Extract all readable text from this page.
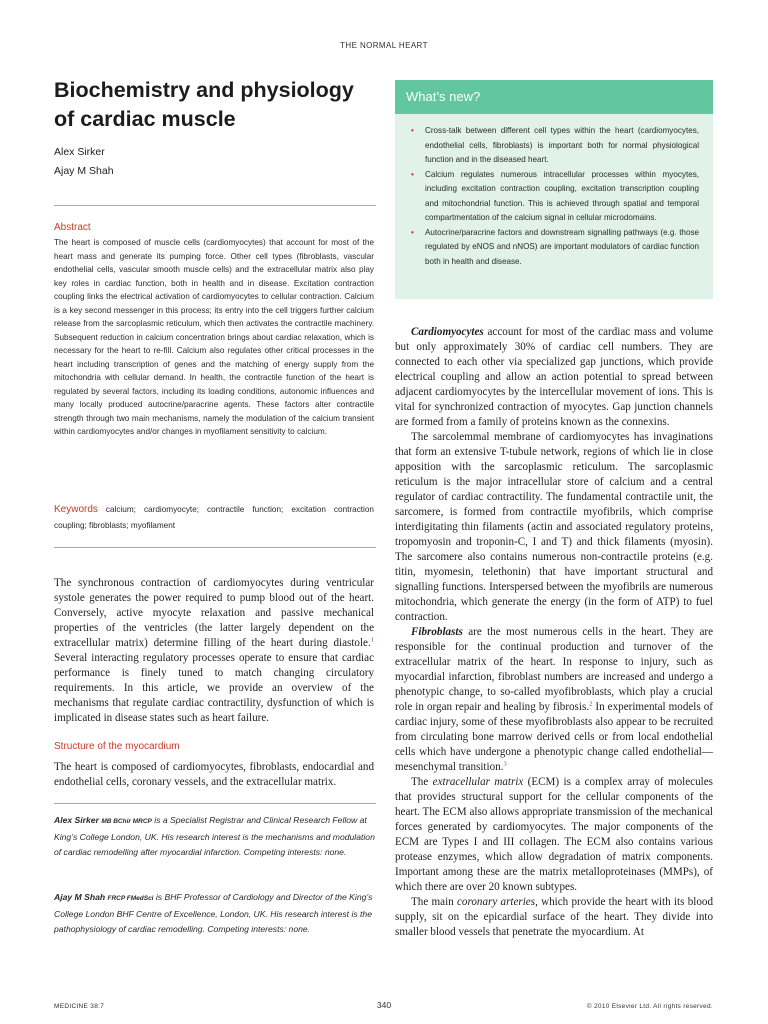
THE NORMAL HEART
Biochemistry and physiology
of cardiac muscle
Alex Sirker
Ajay M Shah
Abstract
The heart is composed of muscle cells (cardiomyocytes) that account for most of the heart mass and generate its pumping force. Other cell types (fibroblasts, vascular endothelial cells, vascular smooth muscle cells) and the extracellular matrix also play key roles in cardiac function, both in health and in disease. Excitation contraction coupling links the electrical activation of cardiomyocytes to cellular contraction. Calcium is a key second messenger in this process; its entry into the cell triggers further calcium release from the sarcoplasmic reticulum, which then activates the contractile machinery. Subsequent reduction in calcium concentration brings about cardiac relaxation, which is necessary for the heart to re-fill. Calcium also regulates other critical processes in the heart including transcription of genes and the matching of energy supply from the mitochondria with cellular demand. In health, the contractile function of the heart is regulated by several factors, including its loading conditions, autonomic influences and many locally produced autocrine/paracrine agents. These factors alter contractile strength through two main mechanisms, namely the modulation of the calcium transient within cardiomyocytes and/or changes in myofilament sensitivity to calcium.
Keywords calcium; cardiomyocyte; contractile function; excitation contraction coupling; fibroblasts; myofilament

The synchronous contraction of cardiomyocytes during ventricular systole generates the power required to pump blood out of the heart. Conversely, active myocyte relaxation and passive mechanical properties of the ventricles (the latter largely dependent on the extracellular matrix) determine filling of the heart during diastole.$^1$ Several interacting regulatory processes operate to ensure that cardiac performance is finely tuned to match changing circulatory requirements. In this article, we provide an overview of the mechanisms that regulate cardiac contractility, dysfunction of which is implicated in disease states such as heart failure.

Structure of the myocardium
The heart is composed of cardiomyocytes, fibroblasts, endocardial and endothelial cells, coronary vessels, and the extracellular matrix.
Alex Sirker MB BChir MRCP is a Specialist Registrar and Clinical Research Fellow at King’s College London, UK. His research interest is the mechanisms and modulation of cardiac remodelling after myocardial infarction. Competing interests: none.
Ajay M Shah FRCP FMedSci is BHF Professor of Cardiology and Director of the King’s College London BHF Centre of Excellence, London, UK. His research interest is the pathophysiology of cardiac remodelling. Competing interests: none.
What’s new?
• Cross-talk between different cell types within the heart (cardiomyocytes, endothelial cells, fibroblasts) is important both for normal physiological function and in the diseased heart.
• Calcium regulates numerous intracellular processes within myocytes, including excitation contraction coupling, excitation transcription coupling and mitochondrial function. This is achieved through spatial and temporal compartmentation of the calcium signal in cellular microdomains.
• Autocrine/paracrine factors and downstream signalling pathways (e.g. those regulated by eNOS and nNOS) are important modulators of cardiac function both in health and disease.

Cardiomyocytes account for most of the cardiac mass and volume but only approximately 30% of cardiac cell numbers. They are connected to each other via specialized gap junctions, which provide electrical coupling and allow an action potential to spread between adjacent cardiomyocytes by the intercellular movement of ions. This is vital for synchronized contraction of myocytes. Gap junction channels are formed from a family of proteins known as the connexins.

The sarcolemmal membrane of cardiomyocytes has invaginations that form an extensive T-tubule network, regions of which lie in close apposition with the sarcoplasmic reticulum. The sarcoplasmic reticulum is the major intracellular store of calcium and a central regulator of cardiac contractility. The fundamental contractile unit, the sarcomere, is formed from contractile myofibrils, which comprise interdigitating thin filaments (actin and associated regulatory proteins, tropomyosin and troponin-C, I and T) and thick filaments (myosin). The sarcomere also contains numerous non-contractile proteins (e.g. titin, myomesin, telethonin) that have important structural and signalling functions. Interspersed between the myofibrils are numerous mitochondria, which generate the energy (in the form of ATP) to fuel contraction.

Fibroblasts are the most numerous cells in the heart. They are responsible for the continual production and turnover of the extracellular matrix of the heart. In response to injury, such as myocardial infarction, fibroblast numbers are increased and undergo a phenotypic change, to so-called myofibroblasts, which play a crucial role in organ repair and healing by fibrosis.$^2$ In experimental models of cardiac injury, some of these myofibroblasts also appear to be recruited from circulating bone marrow derived cells or from local endothelial cells which have undergone a phenotypic change called endothelial—mesenchymal transition.$^3$

The extracellular matrix (ECM) is a complex array of molecules that provides structural support for the cellular components of the heart. The ECM also allows appropriate transmission of the mechanical forces generated by cardiomyocytes. The major components of the ECM are Types I and III collagen. The ECM also contains various protease enzymes, which allow degradation of matrix components. Important among these are the matrix metalloproteinases (MMPs), of which there are over 20 known subtypes.

The main coronary arteries, which provide the heart with its blood supply, sit on the epicardial surface of the heart. They divide into smaller blood vessels that penetrate the myocardium. At

MEDICINE 38:7	340	© 2010 Elsevier Ltd. All rights reserved.
